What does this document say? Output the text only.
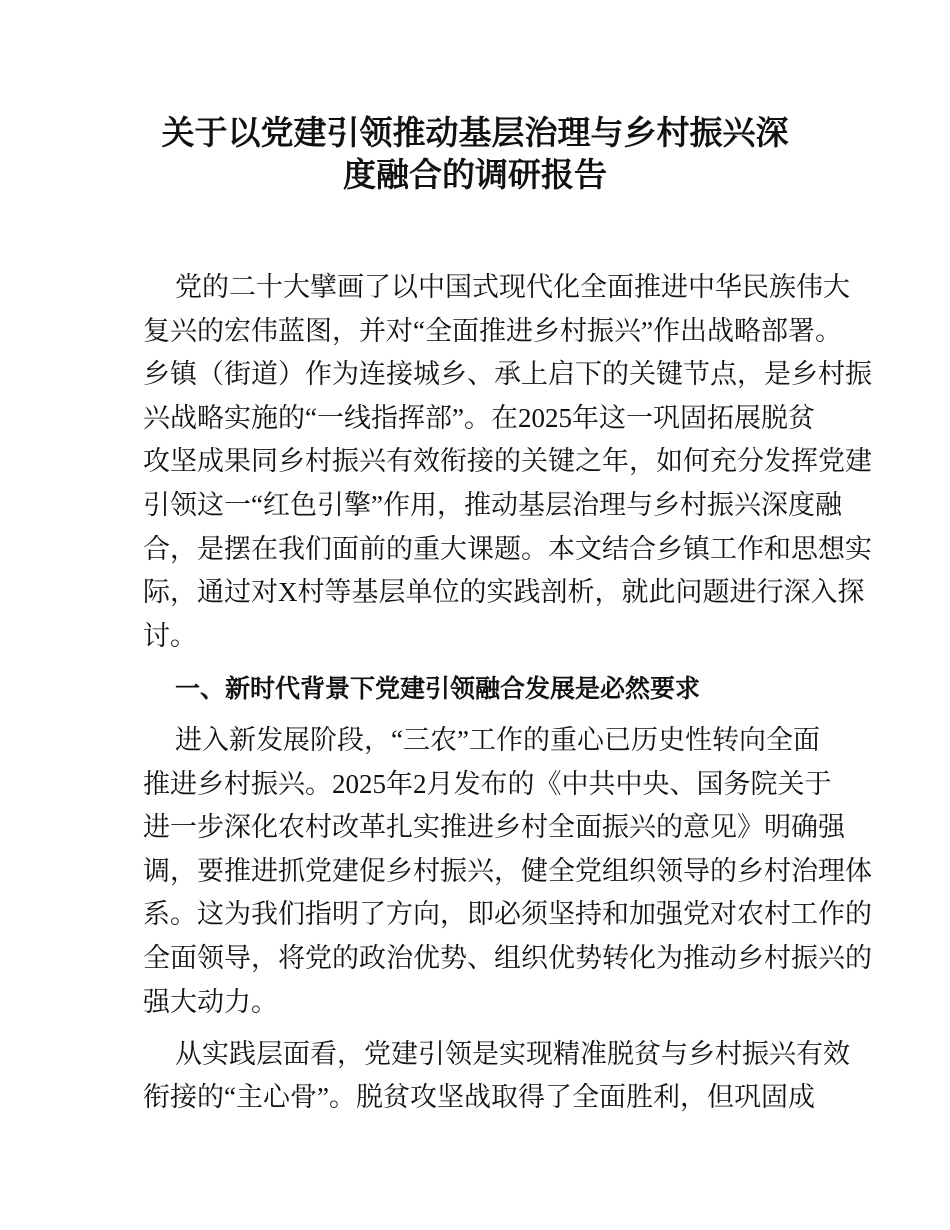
关于以党建引领推动基层治理与乡村振兴深
度融合的调研报告
党的二十大擘画了以中国式现代化全面推进中华民族伟大
复兴的宏伟蓝图，并对“全面推进乡村振兴”作出战略部署。
乡镇（街道）作为连接城乡、承上启下的关键节点，是乡村振
兴战略实施的“一线指挥部”。在2025年这一巩固拓展脱贫
攻坚成果同乡村振兴有效衔接的关键之年，如何充分发挥党建
引领这一“红色引擎”作用，推动基层治理与乡村振兴深度融
合，是摆在我们面前的重大课题。本文结合乡镇工作和思想实
际，通过对X村等基层单位的实践剖析，就此问题进行深入探
讨。
一、新时代背景下党建引领融合发展是必然要求
进入新发展阶段，“三农”工作的重心已历史性转向全面
推进乡村振兴。2025年2月发布的《中共中央、国务院关于
进一步深化农村改革扎实推进乡村全面振兴的意见》明确强
调，要推进抓党建促乡村振兴，健全党组织领导的乡村治理体
系。这为我们指明了方向，即必须坚持和加强党对农村工作的
全面领导，将党的政治优势、组织优势转化为推动乡村振兴的
强大动力。
从实践层面看，党建引领是实现精准脱贫与乡村振兴有效
衔接的“主心骨”。脱贫攻坚战取得了全面胜利，但巩固成
